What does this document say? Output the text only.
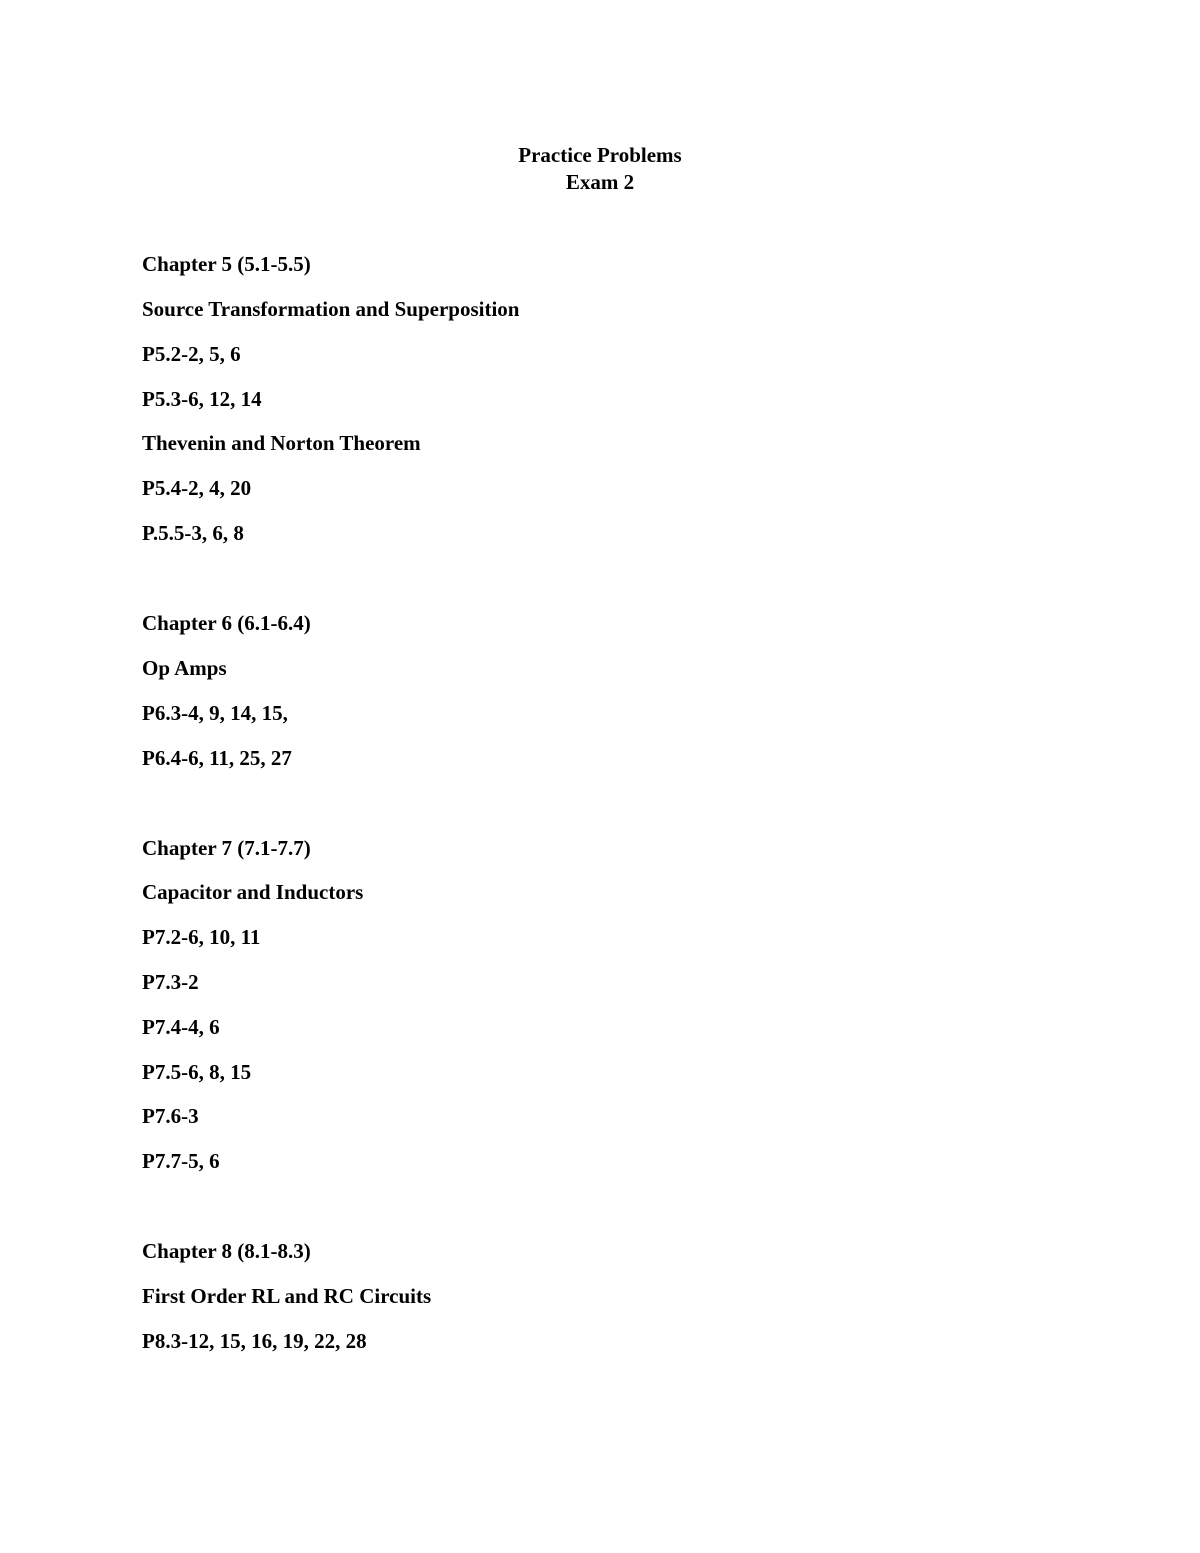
Practice Problems
Exam 2
Chapter 5 (5.1-5.5)
Source Transformation and Superposition
P5.2-2, 5, 6
P5.3-6, 12, 14
Thevenin and Norton Theorem
P5.4-2, 4, 20
P.5.5-3, 6, 8
Chapter 6 (6.1-6.4)
Op Amps
P6.3-4, 9, 14, 15,
P6.4-6, 11, 25, 27
Chapter 7 (7.1-7.7)
Capacitor and Inductors
P7.2-6, 10, 11
P7.3-2
P7.4-4, 6
P7.5-6, 8, 15
P7.6-3
P7.7-5, 6
Chapter 8 (8.1-8.3)
First Order RL and RC Circuits
P8.3-12, 15, 16, 19, 22, 28
